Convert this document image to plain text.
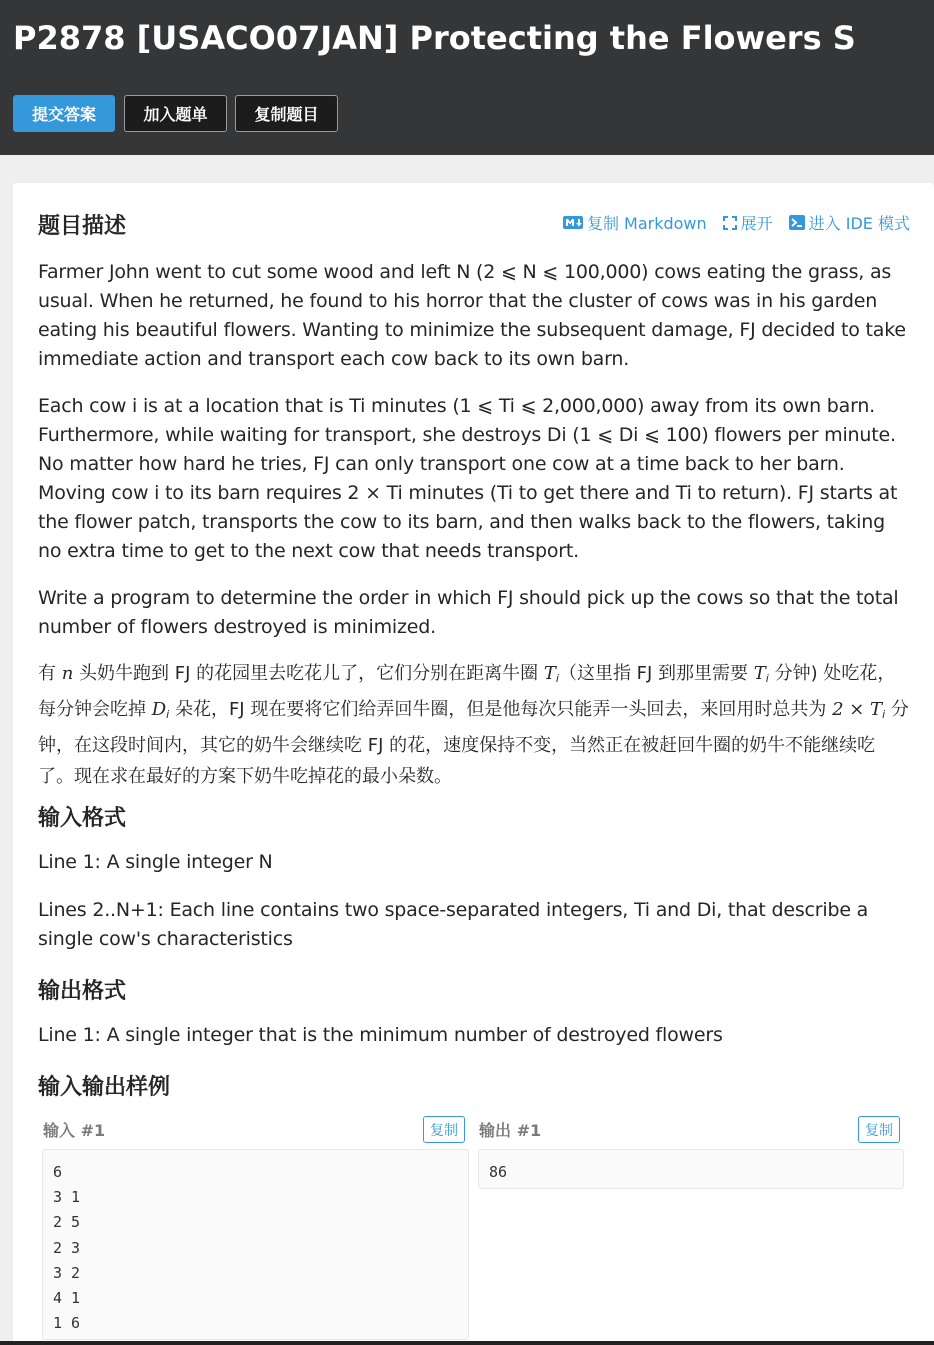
P2878 [USACO07JAN] Protecting the Flowers S
提交答案	加入题单	复制题目
题目描述	复制 Markdown 展开 进入 IDE 模式
Farmer John went to cut some wood and left N (2 ⩽ N ⩽ 100,000) cows eating the grass, as usual. When he returned, he found to his horror that the cluster of cows was in his garden eating his beautiful flowers. Wanting to minimize the subsequent damage, FJ decided to take immediate action and transport each cow back to its own barn.
Each cow i is at a location that is Ti minutes (1 ⩽ Ti ⩽ 2,000,000) away from its own barn. Furthermore, while waiting for transport, she destroys Di (1 ⩽ Di ⩽ 100) flowers per minute. No matter how hard he tries, FJ can only transport one cow at a time back to her barn. Moving cow i to its barn requires 2 × Ti minutes (Ti to get there and Ti to return). FJ starts at the flower patch, transports the cow to its barn, and then walks back to the flowers, taking no extra time to get to the next cow that needs transport.
Write a program to determine the order in which FJ should pick up the cows so that the total number of flowers destroyed is minimized.
有 n 头奶牛跑到 FJ 的花园里去吃花儿了，它们分别在距离牛圈 $T_i$（这里指 FJ 到那里需要 $T_i$ 分钟) 处吃花，每分钟会吃掉 $D_i$ 朵花，FJ 现在要将它们给弄回牛圈，但是他每次只能弄一头回去，来回用时总共为 $2 \times T_i$ 分钟，在这段时间内，其它的奶牛会继续吃 FJ 的花，速度保持不变，当然正在被赶回牛圈的奶牛不能继续吃了。现在求在最好的方案下奶牛吃掉花的最小朵数。
输入格式
Line 1: A single integer N
Lines 2..N+1: Each line contains two space-separated integers, Ti and Di, that describe a single cow's characteristics
输出格式
Line 1: A single integer that is the minimum number of destroyed flowers
输入输出样例
输入 #1	复制
6
3 1
2 5
2 3
3 2
4 1
1 6
输出 #1	复制
86
